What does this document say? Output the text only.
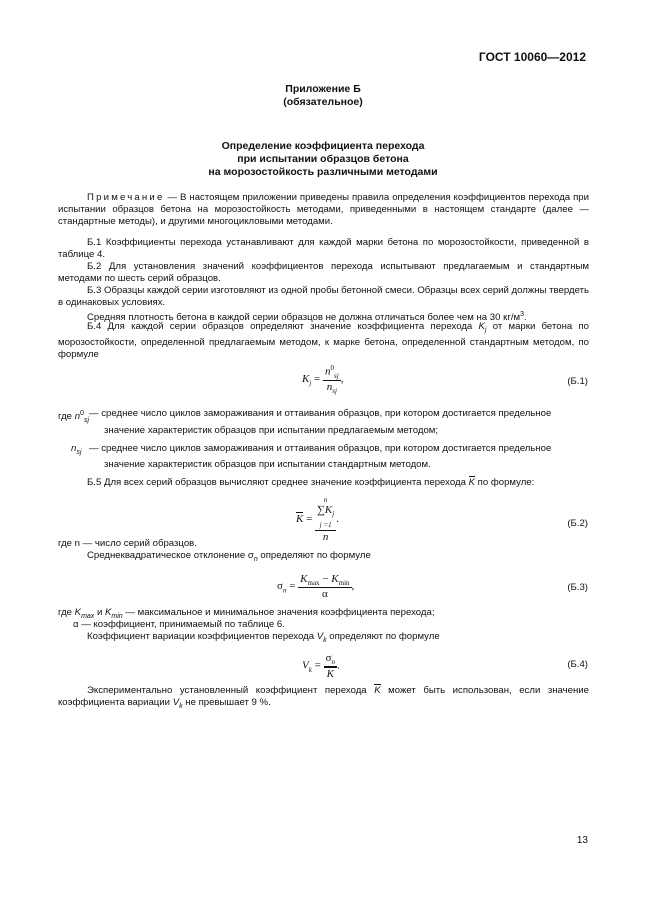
ГОСТ 10060—2012
Приложение Б
(обязательное)
Определение коэффициента перехода
при испытании образцов бетона
на морозостойкость различными методами
Примечание — В настоящем приложении приведены правила определения коэффициентов перехода при испытании образцов бетона на морозостойкость методами, приведенными в настоящем стандарте (далее — стандартные методы), и другими многоцикловыми методами.
Б.1 Коэффициенты перехода устанавливают для каждой марки бетона по морозостойкости, приведенной в таблице 4.
Б.2 Для установления значений коэффициентов перехода испытывают предлагаемым и стандартным методами по шесть серий образцов.
Б.3 Образцы каждой серии изготовляют из одной пробы бетонной смеси. Образцы всех серий должны твердеть в одинаковых условиях.
Средняя плотность бетона в каждой серии образцов не должна отличаться более чем на 30 $кг/м^3$.
Б.4 Для каждой серии образцов определяют значение коэффициента перехода $K_j$ от марки бетона по морозостойкости, определенной предлагаемым методом, к марке бетона, определенной стандартным методом, по формуле
$K_j = \frac{n^0_{sj}}{n_{sj}}$ ,	(Б.1)
где $n^0_{sj}$
— среднее число циклов замораживания и оттаивания образцов, при котором достигается предельное
значение характеристик образцов при испытании предлагаемым методом;
$n_{sj}$ — среднее число циклов замораживания и оттаивания образцов, при котором достигается предельное
значение характеристик образцов при испытании стандартным методом.
Б.5 Для всех серий образцов вычисляют среднее значение коэффициента перехода K по формуле:
K =
n
$\sum K_j$
j =1
n
.	(Б.2)
где n — число серий образцов.
Среднеквадратическое отклонение $\sigma_n$ определяют по формуле
$\sigma_n = \frac{K_{max} - K_{min}}{\alpha}$ ,	(Б.3)
где $K_{max}$ и $K_{min}$ — максимальное и минимальное значения коэффициента перехода;
α — коэффициент, принимаемый по таблице 6.
Коэффициент вариации коэффициентов перехода $V_k$ определяют по формуле
$V_k = \frac{\sigma_n}{K}$ .	(Б.4)
Экспериментально установленный коэффициент перехода K может быть использован, если значение коэффициента вариации $V_k$ не превышает 9 %.
13
